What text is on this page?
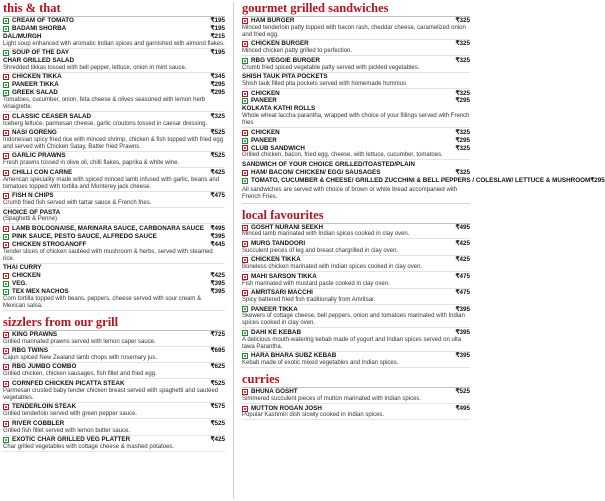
this & that
CREAM OF TOMATO	₹195
BADAMI SHORBA	₹195
DAL/MURGH	₹215

Light soup enhanced with aromatic Indian spices and garnished with almond flakes.

SOUP OF THE DAY	₹195
CHAR GRILLED SALAD

Shredded tikkas tossed with bell pepper, lettuce, onion in mint sauce.

CHICKEN TIKKA	₹345
PANEER TIKKA	₹295
GREEK SALAD	₹295

Tomatoes, cucumber, onion, feta cheese & olives seasoned with lemon herb vinaigrette.

CLASSIC CEASER SALAD	₹325

Iceberg lettuce, parmesan cheese, garlic croutons tossed in caesar dressing.

NASI GORENG	₹525

Indonesian spicy fried rice with minced shrimp, chicken & fish topped with fried egg and served with Chicken Satay, Batter fried Prawns.

GARLIC PRAWNS	₹525

Fresh prawns tossed in olive oil, chilli flakes, paprika & white wine.

CHILLI CON CARNE	₹425

American speciality made with spiced minced lamb infused with garlic, beans and tomatoes topped with tortilla and Monterey jack cheese.

FISH N CHIPS	₹475

Crumb fried fish served with tartar sauce & French fries.

CHOICE OF PASTA

(Spaghetti & Penne)

LAMB BOLOGNAISE, MARINARA SAUCE, CARBONARA SAUCE ₹495
PINK SAUCE, PESTO SAUCE, ALFREDO SAUCE	₹395
CHICKEN STROGANOFF	₹445

Tender slices of chicken sautéed with mushroom & herbs, served with steamed rice.

THAI CURRY
CHICKEN	₹425
VEG.	₹395
TEX MEX NACHOS	₹395

Corn tortilla topped with beans, peppers, cheese served with sour cream & Mexican salsa.

sizzlers from our grill
KING PRAWNS	₹725

Grilled marinated prawns served with lemon caper sauce.

RBG TWINS	₹695

Cajun spiced New Zealand lamb chops with rosemary jus.

RBG JUMBO COMBO	₹625

Grilled chicken, chicken sausages, fish fillet and fried egg.

CORNFED CHICKEN PICATTA STEAK	₹525

Parmesan crusted baby tender chicken breast served with spaghetti and sautéed vegetables.

TENDERLOIN STEAK	₹575

Grilled tenderloin served with green pepper sauce.

RIVER COBBLER	₹525

Grilled fish fillet served with lemon butter sauce.

EXOTIC CHAR GRILLED VEG PLATTER	₹425

Char grilled vegetables with cottage cheese & mashed potatoes.

gourmet grilled sandwiches
HAM BURGER	₹325

Minced tenderloin patty topped with bacon rash, cheddar cheese, caramelized onion and fried egg.

CHICKEN BURGER	₹325

Minced chicken patty grilled to perfection.

RBG VEGGIE BURGER	₹325

Crumb fried spiced vegetable patty served with pickled vegetables.

SHISH TAUK PITA POCKETS

Shish tauk filled pita pockets served with homemade hummus

CHICKEN	₹325
PANEER	₹295
KOLKATA KATHI ROLLS

Whole wheat laccha parantha, wrapped with choice of your fillings served with French fries

CHICKEN	₹325
PANEER	₹295
CLUB SANDWICH	₹325

Grilled chicken, bacon, fried egg, cheese, with lettuce, cucumber, tomatoes.

SANDWICH OF YOUR CHOICE GRILLED/TOASTED/PLAIN
HAM/ BACON/ CHICKEN/ EGG/ SAUSAGES	₹325
TOMATO, CUCUMBER & CHEESE/ GRILLED ZUCCHINI & BELL PEPPERS / COLESLAW/ LETTUCE & MUSHROOM ₹295

All sandwiches are served with choice of brown or white bread accompanied with French Fries.

local favourites
GOSHT NURANI SEEKH	₹495

Minced lamb marinated with Indian spices cooked in clay oven.

MURG TANDOORI	₹425

Succulent pieces of leg and breast chargrilled in clay oven.

CHICKEN TIKKA	₹425

Boneless chicken marinated with Indian spices cooked in clay oven.

MAHI SARSON TIKKA	₹475

Fish marinated with mustard paste cooked in clay oven.

AMRITSARI MACCHI	₹475

Spicy battered fried fish traditionally from Amritsar.

PANEER TIKKA	₹395

Skewers of cottage cheese, bell peppers, onion and tomatoes marinated with Indian spices cooked in clay oven.

DAHI KE KEBAB	₹395

A delicious mouth-watering kebab made of yogurt and Indian spices served on ulta tawa Parantha.

HARA BHARA SUBZ KEBAB	₹395

Kebab made of exotic mixed vegetables and Indian spices.

curries
BHUNA GOSHT	₹525

Simmered succulent pieces of mutton marinated with Indian spices.

MUTTON ROGAN JOSH	₹495

Popular Kashmiri dish slowly cooked in Indian spices.
